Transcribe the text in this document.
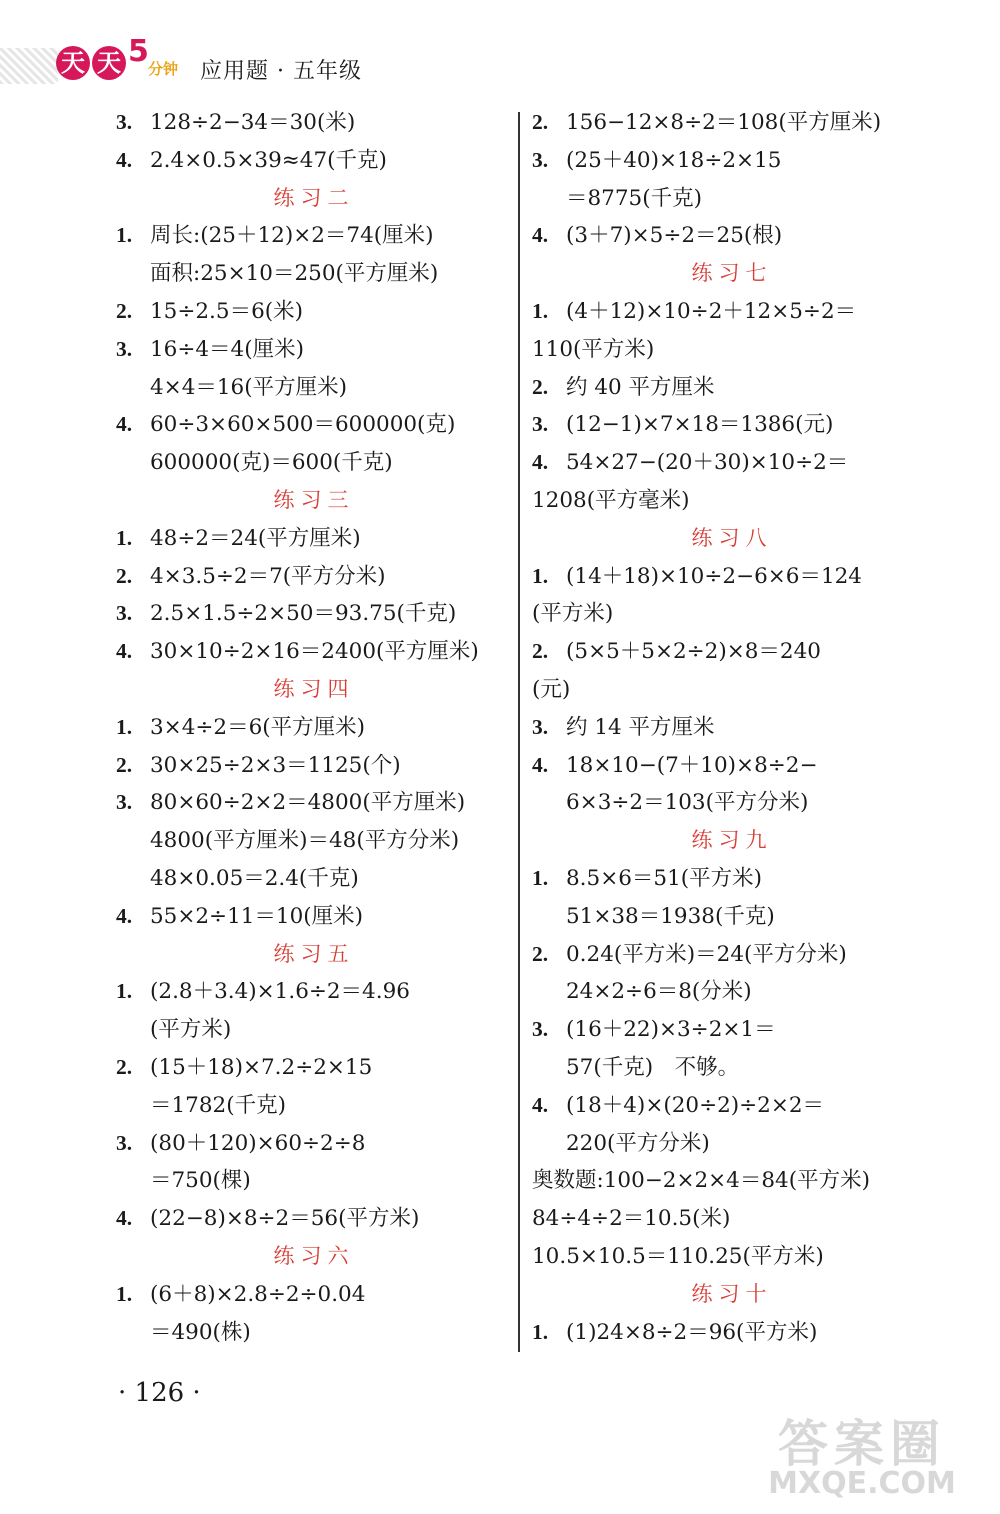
天 天 5 分钟 应用题 · 五年级
3. 128÷2−34＝30(米)
4. 2.4×0.5×39≈47(千克)
练习二
1. 周长:(25＋12)×2＝74(厘米)
面积:25×10＝250(平方厘米)
2. 15÷2.5＝6(米)
3. 16÷4＝4(厘米)
4×4＝16(平方厘米)
4. 60÷3×60×500＝600000(克)
600000(克)＝600(千克)
练习三
1. 48÷2＝24(平方厘米)
2. 4×3.5÷2＝7(平方分米)
3. 2.5×1.5÷2×50＝93.75(千克)
4. 30×10÷2×16＝2400(平方厘米)
练习四
1. 3×4÷2＝6(平方厘米)
2. 30×25÷2×3＝1125(个)
3. 80×60÷2×2＝4800(平方厘米)
4800(平方厘米)＝48(平方分米)
48×0.05＝2.4(千克)
4. 55×2÷11＝10(厘米)
练习五
1. (2.8＋3.4)×1.6÷2＝4.96
(平方米)
2. (15＋18)×7.2÷2×15
＝1782(千克)
3. (80＋120)×60÷2÷8
＝750(棵)
4. (22−8)×8÷2＝56(平方米)
练习六
1. (6＋8)×2.8÷2÷0.04
＝490(株)
2. 156−12×8÷2＝108(平方厘米)
3. (25＋40)×18÷2×15
＝8775(千克)
4. (3＋7)×5÷2＝25(根)
练习七
1. (4＋12)×10÷2＋12×5÷2＝
110(平方米)
2. 约 40 平方厘米
3. (12−1)×7×18＝1386(元)
4. 54×27−(20＋30)×10÷2＝
1208(平方毫米)
练习八
1. (14＋18)×10÷2−6×6＝124
(平方米)
2. (5×5＋5×2÷2)×8＝240
(元)
3. 约 14 平方厘米
4. 18×10−(7＋10)×8÷2−
6×3÷2＝103(平方分米)
练习九
1. 8.5×6＝51(平方米)
51×38＝1938(千克)
2. 0.24(平方米)＝24(平方分米)
24×2÷6＝8(分米)
3. (16＋22)×3÷2×1＝
57(千克)　不够。
4. (18＋4)×(20÷2)÷2×2＝
220(平方分米)
奥数题:100−2×2×4＝84(平方米)
84÷4÷2＝10.5(米)
10.5×10.5＝110.25(平方米)
练习十
1. (1)24×8÷2＝96(平方米)
· 126 ·
答案圈
MXQE.COM
